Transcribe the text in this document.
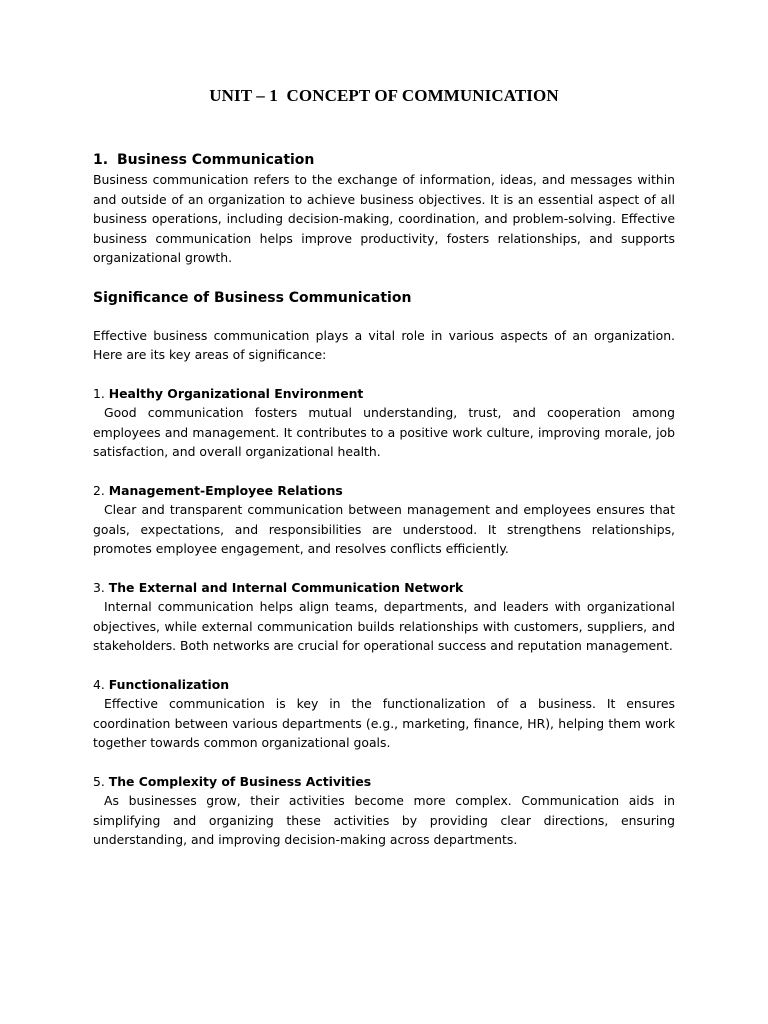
UNIT – 1  CONCEPT OF COMMUNICATION
1. Business Communication

Business communication refers to the exchange of information, ideas, and messages within and outside of an organization to achieve business objectives. It is an essential aspect of all business operations, including decision-making, coordination, and problem-solving. Effective business communication helps improve productivity, fosters relationships, and supports organizational growth.

Significance of Business Communication

Effective business communication plays a vital role in various aspects of an organization. Here are its key areas of significance:

1. Healthy Organizational Environment

Good communication fosters mutual understanding, trust, and cooperation among employees and management. It contributes to a positive work culture, improving morale, job satisfaction, and overall organizational health.

2. Management-Employee Relations

Clear and transparent communication between management and employees ensures that goals, expectations, and responsibilities are understood. It strengthens relationships, promotes employee engagement, and resolves conflicts efficiently.

3. The External and Internal Communication Network

Internal communication helps align teams, departments, and leaders with organizational objectives, while external communication builds relationships with customers, suppliers, and stakeholders. Both networks are crucial for operational success and reputation management.

4. Functionalization

Effective communication is key in the functionalization of a business. It ensures coordination between various departments (e.g., marketing, finance, HR), helping them work together towards common organizational goals.

5. The Complexity of Business Activities

As businesses grow, their activities become more complex. Communication aids in simplifying and organizing these activities by providing clear directions, ensuring understanding, and improving decision-making across departments.
